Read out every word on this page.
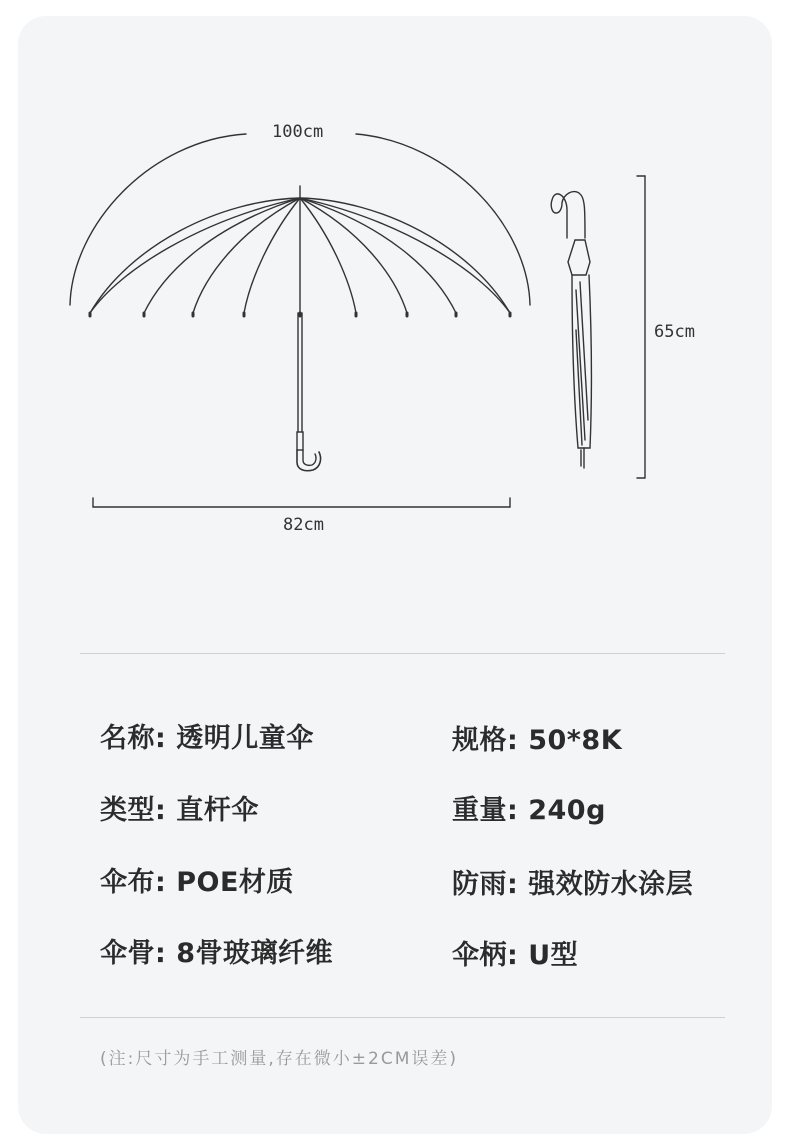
100cm
82cm
65cm
名称: 透明儿童伞	规格: 50*8K
类型: 直杆伞	重量: 240g
伞布: POE材质	防雨: 强效防水涂层
伞骨: 8骨玻璃纤维	伞柄: U型
(注:尺寸为手工测量,存在微小±2CM误差)
